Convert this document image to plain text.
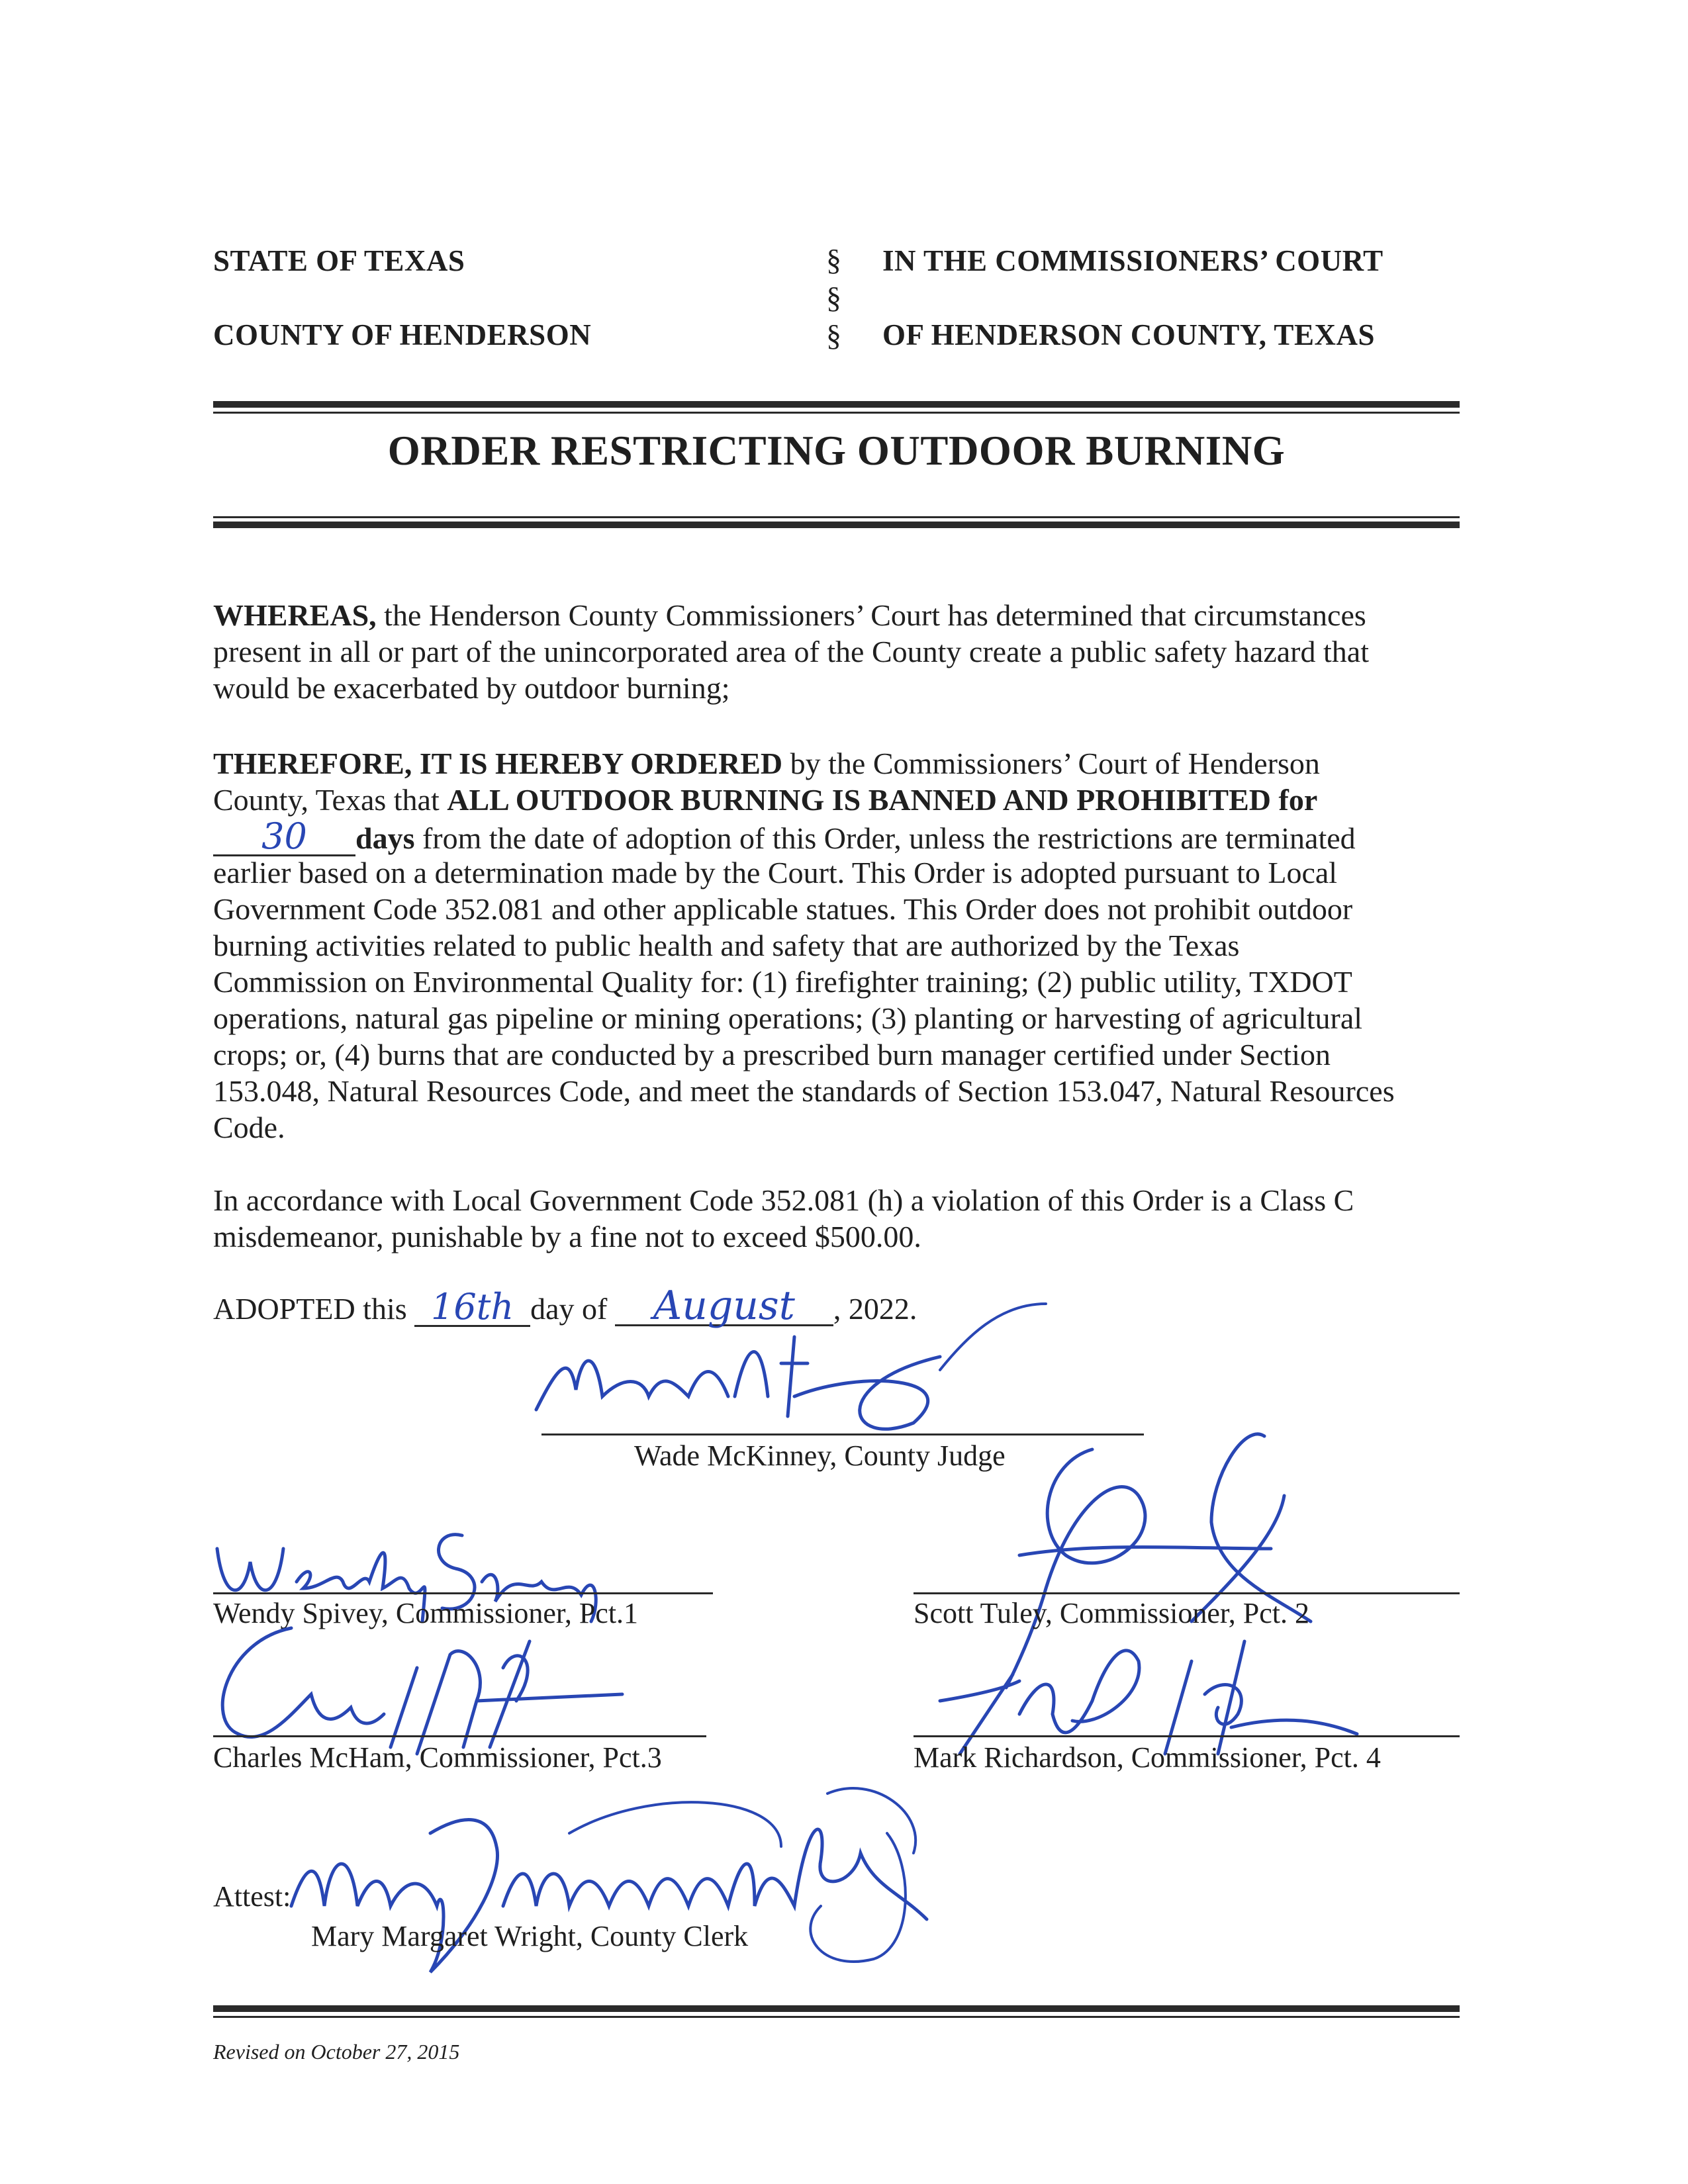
STATE OF TEXAS
COUNTY OF HENDERSON
§
§
§
IN THE COMMISSIONERS’ COURT
OF HENDERSON COUNTY, TEXAS
ORDER RESTRICTING OUTDOOR BURNING
WHEREAS, the Henderson County Commissioners’ Court has determined that circumstances
present in all or part of the unincorporated area of the County create a public safety hazard that
would be exacerbated by outdoor burning;
THEREFORE, IT IS HEREBY ORDERED by the Commissioners’ Court of Henderson
County, Texas that ALL OUTDOOR BURNING IS BANNED AND PROHIBITED for
30 days from the date of adoption of this Order, unless the restrictions are terminated
earlier based on a determination made by the Court. This Order is adopted pursuant to Local
Government Code 352.081 and other applicable statues. This Order does not prohibit outdoor
burning activities related to public health and safety that are authorized by the Texas
Commission on Environmental Quality for: (1) firefighter training; (2) public utility, TXDOT
operations, natural gas pipeline or mining operations; (3) planting or harvesting of agricultural
crops; or, (4) burns that are conducted by a prescribed burn manager certified under Section
153.048, Natural Resources Code, and meet the standards of Section 153.047, Natural Resources
Code.
In accordance with Local Government Code 352.081 (h) a violation of this Order is a Class C
misdemeanor, punishable by a fine not to exceed $500.00.
ADOPTED this 16th day of August , 2022.
Wade McKinney, County Judge
Wendy Spivey, Commissioner, Pct.1	Scott Tuley, Commissioner, Pct. 2
Charles McHam, Commissioner, Pct.3	Mark Richardson, Commissioner, Pct. 4
Attest:
Mary Margaret Wright, County Clerk
Revised on October 27, 2015
